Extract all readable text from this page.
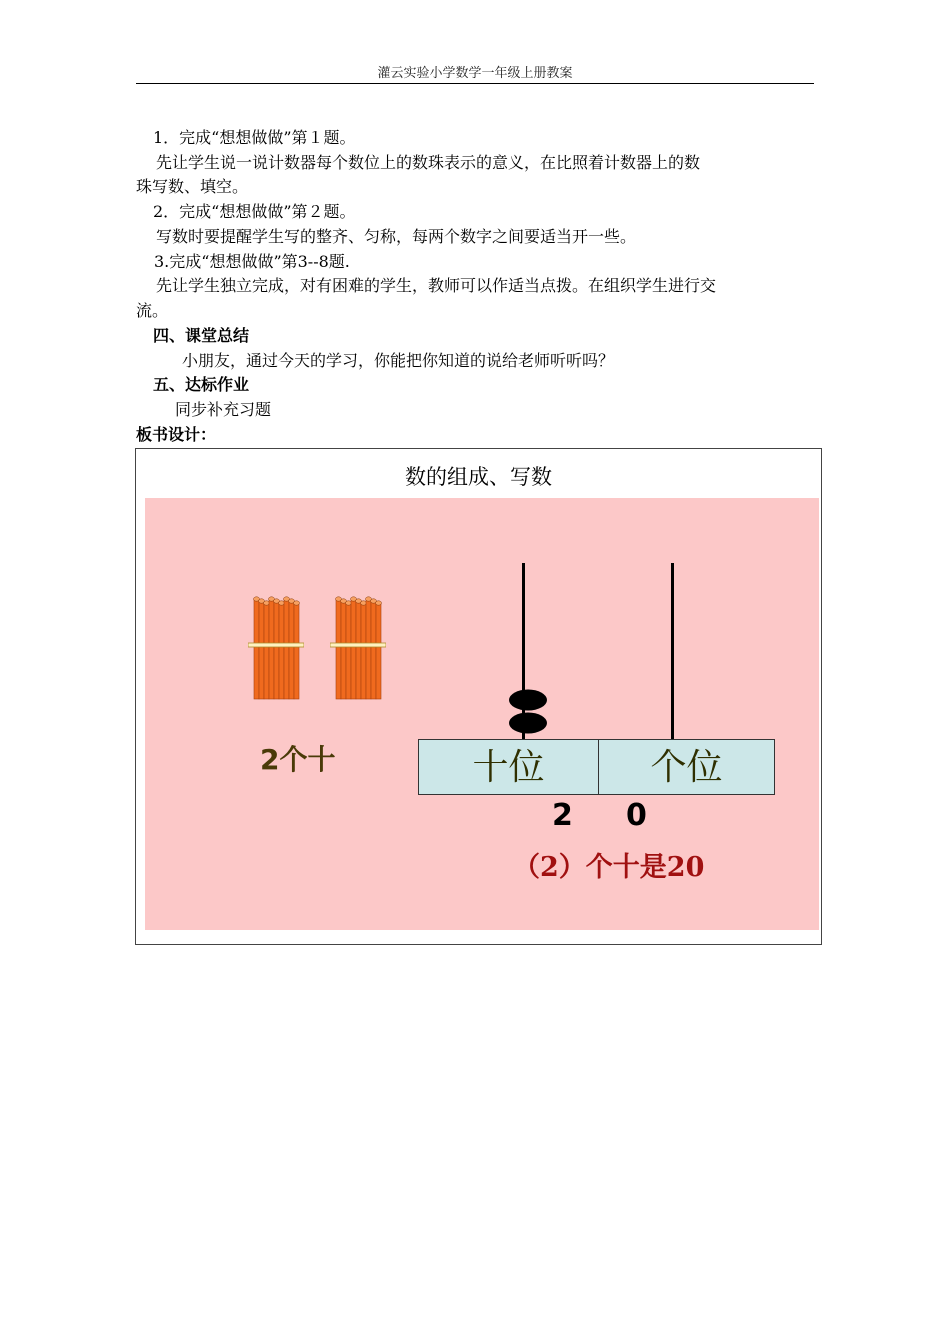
灌云实验小学数学一年级上册教案
1．完成“想想做做”第１题。
先让学生说一说计数器每个数位上的数珠表示的意义，在比照着计数器上的数
珠写数、填空。
2．完成“想想做做”第２题。
写数时要提醒学生写的整齐、匀称，每两个数字之间要适当开一些。
3.完成“想想做做”第3--8题.
先让学生独立完成，对有困难的学生，教师可以作适当点拨。在组织学生进行交
流。
四、课堂总结
小朋友，通过今天的学习，你能把你知道的说给老师听听吗？
五、达标作业
同步补充习题
板书设计：
数的组成、写数
2个十	十位	个位
2 0
（2）个十是20
